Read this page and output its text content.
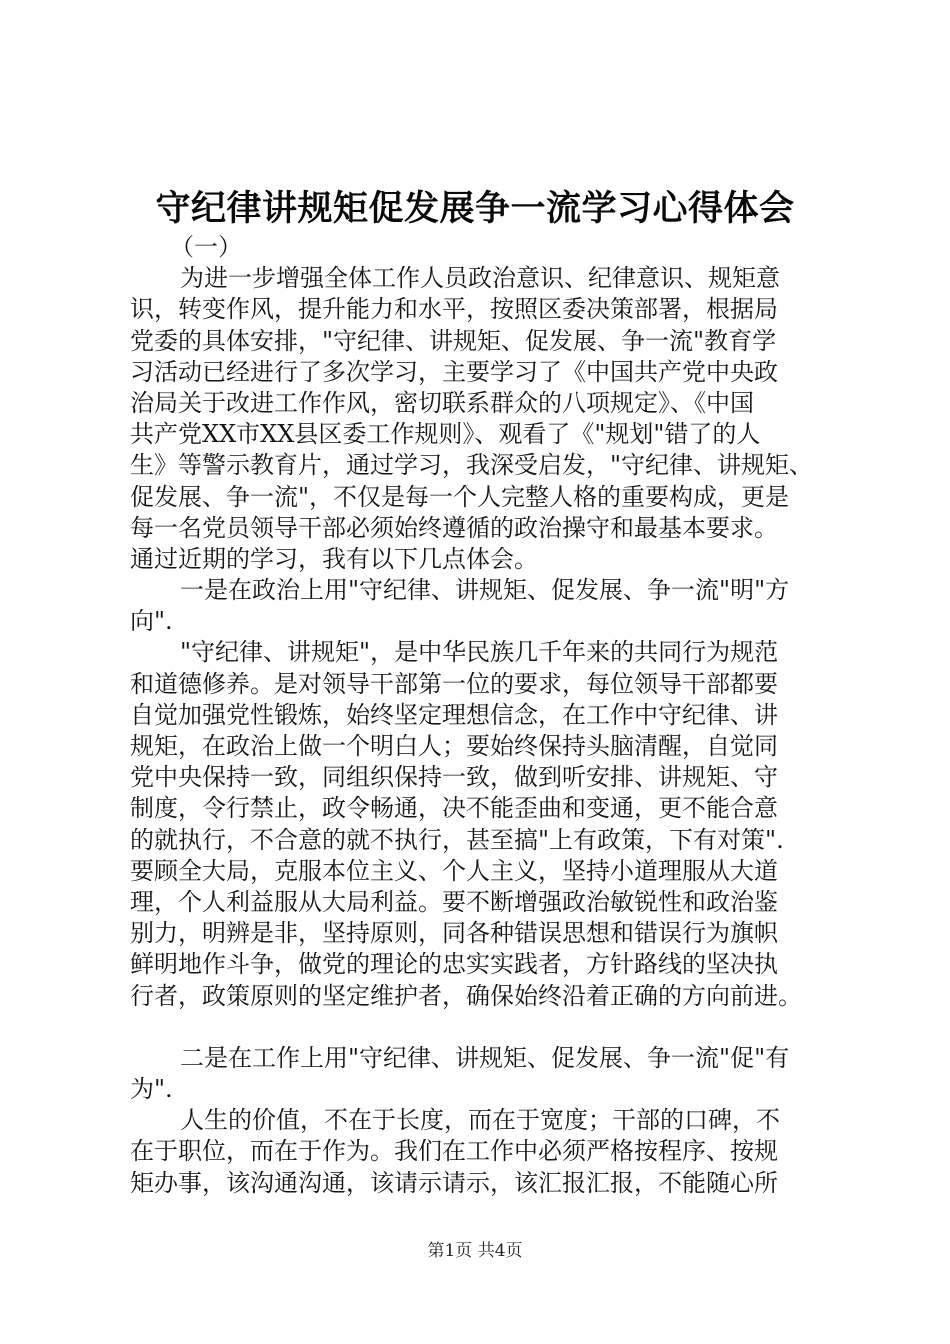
守纪律讲规矩促发展争一流学习心得体会
（一）
为进一步增强全体工作人员政治意识、纪律意识、规矩意
识，转变作风，提升能力和水平，按照区委决策部署，根据局
党委的具体安排，"守纪律、讲规矩、促发展、争一流"教育学
习活动已经进行了多次学习，主要学习了《中国共产党中央政
治局关于改进工作作风，密切联系群众的八项规定》、《中国
共产党XX市XX县区委工作规则》、观看了《"规划"错了的人
生》等警示教育片，通过学习，我深受启发，"守纪律、讲规矩、
促发展、争一流"，不仅是每一个人完整人格的重要构成，更是
每一名党员领导干部必须始终遵循的政治操守和最基本要求。
通过近期的学习，我有以下几点体会。
一是在政治上用"守纪律、讲规矩、促发展、争一流"明"方
向".
"守纪律、讲规矩"，是中华民族几千年来的共同行为规范
和道德修养。是对领导干部第一位的要求，每位领导干部都要
自觉加强党性锻炼，始终坚定理想信念，在工作中守纪律、讲
规矩，在政治上做一个明白人；要始终保持头脑清醒，自觉同
党中央保持一致，同组织保持一致，做到听安排、讲规矩、守
制度，令行禁止，政令畅通，决不能歪曲和变通，更不能合意
的就执行，不合意的就不执行，甚至搞"上有政策，下有对策".
要顾全大局，克服本位主义、个人主义，坚持小道理服从大道
理，个人利益服从大局利益。要不断增强政治敏锐性和政治鉴
别力，明辨是非，坚持原则，同各种错误思想和错误行为旗帜
鲜明地作斗争，做党的理论的忠实实践者，方针路线的坚决执
行者，政策原则的坚定维护者，确保始终沿着正确的方向前进。
二是在工作上用"守纪律、讲规矩、促发展、争一流"促"有
为".
人生的价值，不在于长度，而在于宽度；干部的口碑，不
在于职位，而在于作为。我们在工作中必须严格按程序、按规
矩办事，该沟通沟通，该请示请示，该汇报汇报，不能随心所
第1页 共4页
